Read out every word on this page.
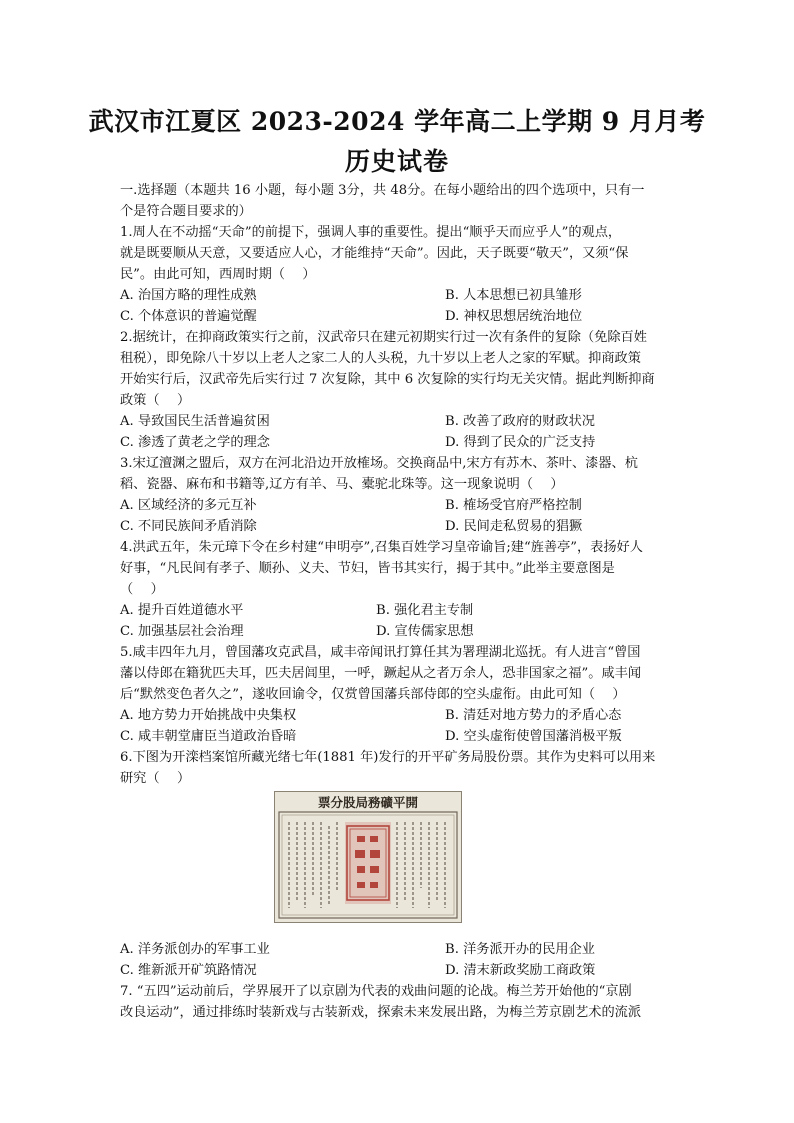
武汉市江夏区 2023-2024 学年高二上学期 9 月月考
历史试卷
一.选择题（本题共 16 小题，每小题 3分，共 48分。在每小题给出的四个选项中，只有一
个是符合题目要求的）
1.周人在不动摇“天命”的前提下，强调人事的重要性。提出“顺乎天而应乎人”的观点，
就是既要顺从天意，又要适应人心，才能维持“天命”。因此，天子既要“敬天”，又须“保
民”。由此可知，西周时期（　 ）
A. 治国方略的理性成熟	B. 人本思想已初具雏形
C. 个体意识的普遍觉醒	D. 神权思想居统治地位
2.据统计，在抑商政策实行之前，汉武帝只在建元初期实行过一次有条件的复除（免除百姓
租税），即免除八十岁以上老人之家二人的人头税，九十岁以上老人之家的军赋。抑商政策
开始实行后，汉武帝先后实行过 7 次复除，其中 6 次复除的实行均无关灾情。据此判断抑商
政策（　 ）
A. 导致国民生活普遍贫困	B. 改善了政府的财政状况
C. 渗透了黄老之学的理念	D. 得到了民众的广泛支持
3.宋辽澶渊之盟后，双方在河北沿边开放榷场。交换商品中,宋方有苏木、茶叶、漆器、杭
稻、瓷器、麻布和书籍等,辽方有羊、马、橐驼北珠等。这一现象说明（　 ）
A. 区域经济的多元互补	B. 榷场受官府严格控制
C. 不同民族间矛盾消除	D. 民间走私贸易的猖獗
4.洪武五年，朱元璋下令在乡村建“申明亭”,召集百姓学习皇帝谕旨;建“旌善亭”，表扬好人
好事，“凡民间有孝子、顺孙、义夫、节妇，皆书其实行，揭于其中。”此举主要意图是
（　 ）
A. 提升百姓道德水平	B. 强化君主专制
C. 加强基层社会治理	D. 宣传儒家思想
5.咸丰四年九月，曾国藩攻克武昌，咸丰帝闻讯打算任其为署理湖北巡抚。有人进言“曾国
藩以侍郎在籍犹匹夫耳，匹夫居闾里，一呼，蹶起从之者万余人，恐非国家之福”。咸丰闻
后“默然变色者久之”，遂收回谕令，仅赏曾国藩兵部侍郎的空头虚衔。由此可知（　 ）
A. 地方势力开始挑战中央集权	B. 清廷对地方势力的矛盾心态
C. 咸丰朝堂庸臣当道政治昏暗	D. 空头虚衔使曾国藩消极平叛
6.下图为开滦档案馆所藏光绪七年(1881 年)发行的开平矿务局股份票。其作为史料可以用来
研究（　 ）
開平礦務局股分票
A. 洋务派创办的军事工业	B. 洋务派开办的民用企业
C. 维新派开矿筑路情况	D. 清末新政奖励工商政策
7. “五四”运动前后，学界展开了以京剧为代表的戏曲问题的论战。梅兰芳开始他的“京剧
改良运动”，通过排练时装新戏与古装新戏，探索未来发展出路，为梅兰芳京剧艺术的流派
